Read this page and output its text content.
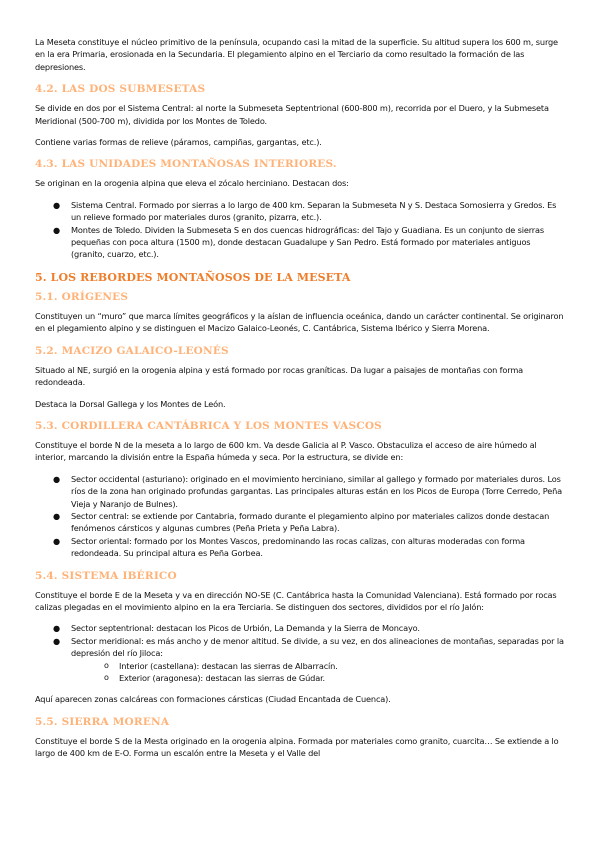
La Meseta constituye el núcleo primitivo de la península, ocupando casi la mitad de la superficie. Su altitud supera los 600 m, surge en la era Primaria, erosionada en la Secundaria. El plegamiento alpino en el Terciario da como resultado la formación de las depresiones.

4.2. LAS DOS SUBMESETAS

Se divide en dos por el Sistema Central: al norte la Submeseta Septentrional (600-800 m), recorrida por el Duero, y la Submeseta Meridional (500-700 m), dividida por los Montes de Toledo.

Contiene varias formas de relieve (páramos, campiñas, gargantas, etc.).

4.3. LAS UNIDADES MONTAÑOSAS INTERIORES.

Se originan en la orogenia alpina que eleva el zócalo herciniano. Destacan dos:

● Sistema Central. Formado por sierras a lo largo de 400 km. Separan la Submeseta N y S. Destaca Somosierra y Gredos. Es un relieve formado por materiales duros (granito, pizarra, etc.).
● Montes de Toledo. Dividen la Submeseta S en dos cuencas hidrográficas: del Tajo y Guadiana. Es un conjunto de sierras pequeñas con poca altura (1500 m), donde destacan Guadalupe y San Pedro. Está formado por materiales antiguos (granito, cuarzo, etc.).
5. LOS REBORDES MONTAÑOSOS DE LA MESETA
5.1. ORÍGENES

Constituyen un “muro” que marca límites geográficos y la aíslan de influencia oceánica, dando un carácter continental. Se originaron en el plegamiento alpino y se distinguen el Macizo Galaico-Leonés, C. Cantábrica, Sistema Ibérico y Sierra Morena.

5.2. MACIZO GALAICO-LEONÉS

Situado al NE, surgió en la orogenia alpina y está formado por rocas graníticas. Da lugar a paisajes de montañas con forma redondeada.

Destaca la Dorsal Gallega y los Montes de León.

5.3. CORDILLERA CANTÁBRICA Y LOS MONTES VASCOS

Constituye el borde N de la meseta a lo largo de 600 km. Va desde Galicia al P. Vasco. Obstaculiza el acceso de aire húmedo al interior, marcando la división entre la España húmeda y seca. Por la estructura, se divide en:

● Sector occidental (asturiano): originado en el movimiento herciniano, similar al gallego y formado por materiales duros. Los ríos de la zona han originado profundas gargantas. Las principales alturas están en los Picos de Europa (Torre Cerredo, Peña Vieja y Naranjo de Bulnes).
● Sector central: se extiende por Cantabria, formado durante el plegamiento alpino por materiales calizos donde destacan fenómenos cársticos y algunas cumbres (Peña Prieta y Peña Labra).
● Sector oriental: formado por los Montes Vascos, predominando las rocas calizas, con alturas moderadas con forma redondeada. Su principal altura es Peña Gorbea.
5.4. SISTEMA IBÉRICO

Constituye el borde E de la Meseta y va en dirección NO-SE (C. Cantábrica hasta la Comunidad Valenciana). Está formado por rocas calizas plegadas en el movimiento alpino en la era Terciaria. Se distinguen dos sectores, divididos por el río Jalón:

● Sector septentrional: destacan los Picos de Urbión, La Demanda y la Sierra de Moncayo.
● Sector meridional: es más ancho y de menor altitud. Se divide, a su vez, en dos alineaciones de montañas, separadas por la depresión del río Jiloca:
o Interior (castellana): destacan las sierras de Albarracín.
o Exterior (aragonesa): destacan las sierras de Gúdar.

Aquí aparecen zonas calcáreas con formaciones cársticas (Ciudad Encantada de Cuenca).

5.5. SIERRA MORENA

Constituye el borde S de la Mesta originado en la orogenia alpina. Formada por materiales como granito, cuarcita… Se extiende a lo largo de 400 km de E-O. Forma un escalón entre la Meseta y el Valle del
